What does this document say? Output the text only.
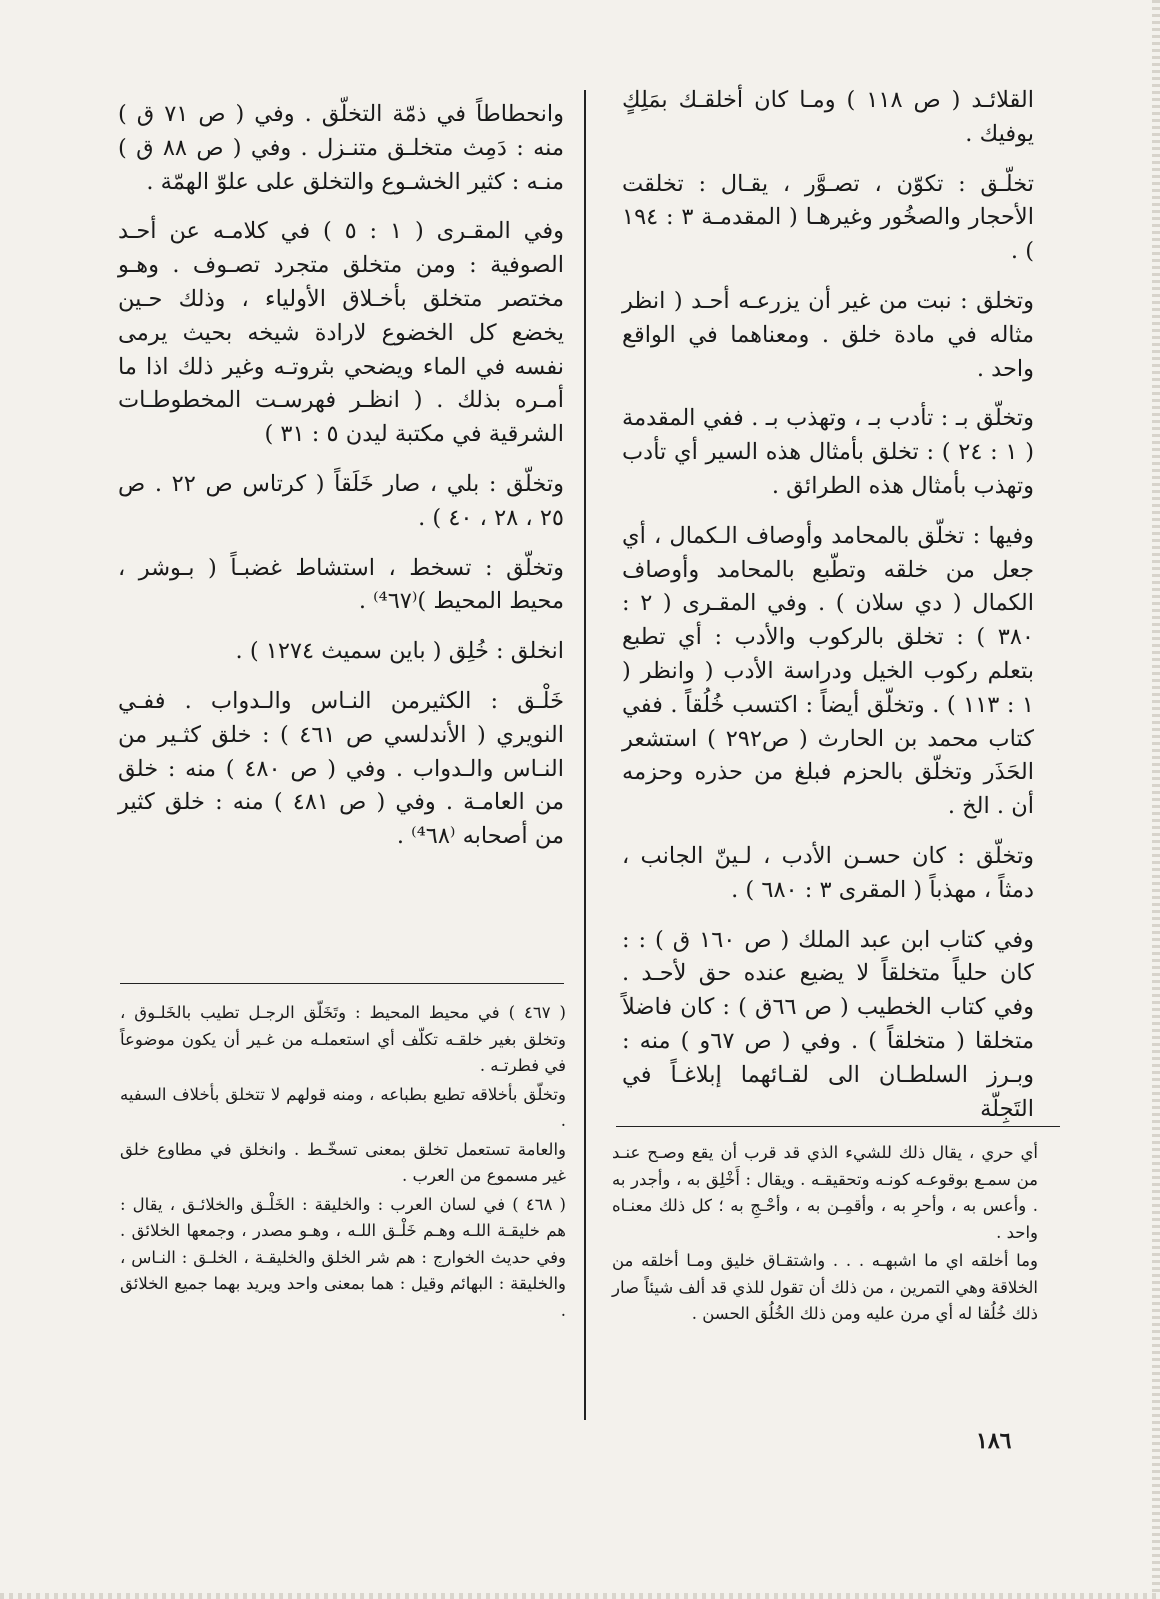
القلائـد ( ص ١١٨ ) ومـا كان أخلقـك بمَلِكٍ يوفيك .

تخلّـق : تكوّن ، تصـوَّر ، يقـال : تخلقت الأحجار والصخُور وغيرهـا ( المقدمـة ٣ : ١٩٤ ) .

وتخلق : نبت من غير أن يزرعـه أحـد ( انظر مثاله في مادة خلق . ومعناهما في الواقع واحد .

وتخلّق بـ : تأدب بـ ، وتهذب بـ . ففي المقدمة ( ١ : ٢٤ ) : تخلق بأمثال هذه السير أي تأدب وتهذب بأمثال هذه الطرائق .

وفيها : تخلّق بالمحامد وأوصاف الـكمال ، أي جعل من خلقه وتطّبع بالمحامد وأوصاف الكمال ( دي سلان ) . وفي المقـرى ( ٢ : ٣٨٠ ) : تخلق بالركوب والأدب : أي تطبع بتعلم ركوب الخيل ودراسة الأدب ( وانظر ( ١ : ١١٣ ) . وتخلّق أيضاً : اكتسب خُلُقاً . ففي كتاب محمد بن الحارث ( ص٢٩٢ ) استشعر الحَذَر وتخلّق بالحزم فبلغ من حذره وحزمه أن . الخ .

وتخلّق : كان حسـن الأدب ، لـينّ الجانب ، دمثاً ، مهذباً ( المقرى ٣ : ٦٨٠ ) .

وفي كتاب ابن عبد الملك ( ص ١٦٠ ق ) : : كان حلياً متخلقاً لا يضيع عنده حق لأحـد . وفي كتاب الخطيب ( ص ٦٦ق ) : كان فاضلاً متخلقا ( متخلقاً ) . وفي ( ص ٦٧و ) منه : وبـرز السلطـان الى لقـائهما إبلاغـاً في التَجِلّة

وانحطاطاً في ذمّة التخلّق . وفي ( ص ٧١ ق ) منه : دَمِث متخلـق متنـزل . وفي ( ص ٨٨ ق ) منـه : كثير الخشـوع والتخلق على علوّ الهمّة .

وفي المقـرى ( ١ : ٥ ) في كلامـه عن أحـد الصوفية : ومن متخلق متجرد تصـوف . وهـو مختصر متخلق بأخـلاق الأولياء ، وذلك حـين يخضع كل الخضوع لارادة شيخه بحيث يرمى نفسه في الماء ويضحي بثروتـه وغير ذلك اذا ما أمـره بذلك . ( انظـر فهرسـت المخطوطـات الشرقية في مكتبة ليدن ٥ : ٣١ )

وتخلّق : بلي ، صار خَلَقاً ( كرتاس ص ٢٢ . ص ٢٥ ، ٢٨ ، ٤٠ ) .

وتخلّق : تسخط ، استشاط غضبـاً ( بـوشر ، محيط المحيط )⁽⁴٦٧⁾ .

انخلق : خُلِق ( باين سميث ١٢٧٤ ) .

خَلْـق : الكثيرمن النـاس والـدواب . ففـي النويري ( الأندلسي ص ٤٦١ ) : خلق كثـير من النـاس والـدواب . وفي ( ص ٤٨٠ ) منه : خلق من العامـة . وفي ( ص ٤٨١ ) منه : خلق كثير من أصحابه ⁽⁴٦٨⁾ .

( ٤٦٧ ) في محيط المحيط : وتَخَلّق الرجـل تطيب بالخَلـوق ، وتخلق بغير خلقـه تكلّف أي استعملـه من غـير أن يكون موضوعاً في فطرتـه .

وتخلّق بأخلاقه تطبع بطباعه ، ومنه قولهم لا تتخلق بأخلاف السفيه .

والعامة تستعمل تخلق بمعنى تسخّـط . وانخلق في مطاوع خلق غير مسموع من العرب .

( ٤٦٨ ) في لسان العرب : والخليقة : الخَلْـق والخلائـق ، يقال : هم خليقـة اللـه وهـم خَلْـق اللـه ، وهـو مصدر ، وجمعها الخلائق . وفي حديث الخوارج : هم شر الخلق والخليقـة ، الخلـق : النـاس ، والخليقة : البهائم وقيل : هما بمعنى واحد ويريد بهما جميع الخلائق .

أي حري ، يقال ذلك للشيء الذي قد قرب أن يقع وصـح عنـد من سمـع بوقوعـه كونـه وتحقيقـه . ويقال : أَخْلِق به ، وأجدر به . وأعس به ، وأحرِ به ، وأقمِـن به ، وأحْـجِ به ؛ كل ذلك معنـاه واحد .

وما أخلقه اي ما اشبهـه . . . واشتقـاق خليق ومـا أخلقه من الخلاقة وهي التمرين ، من ذلك أن تقول للذي قد ألف شيئاً صار ذلك خُلُقا له أي مرن عليه ومن ذلك الخُلُق الحسن .

١٨٦
